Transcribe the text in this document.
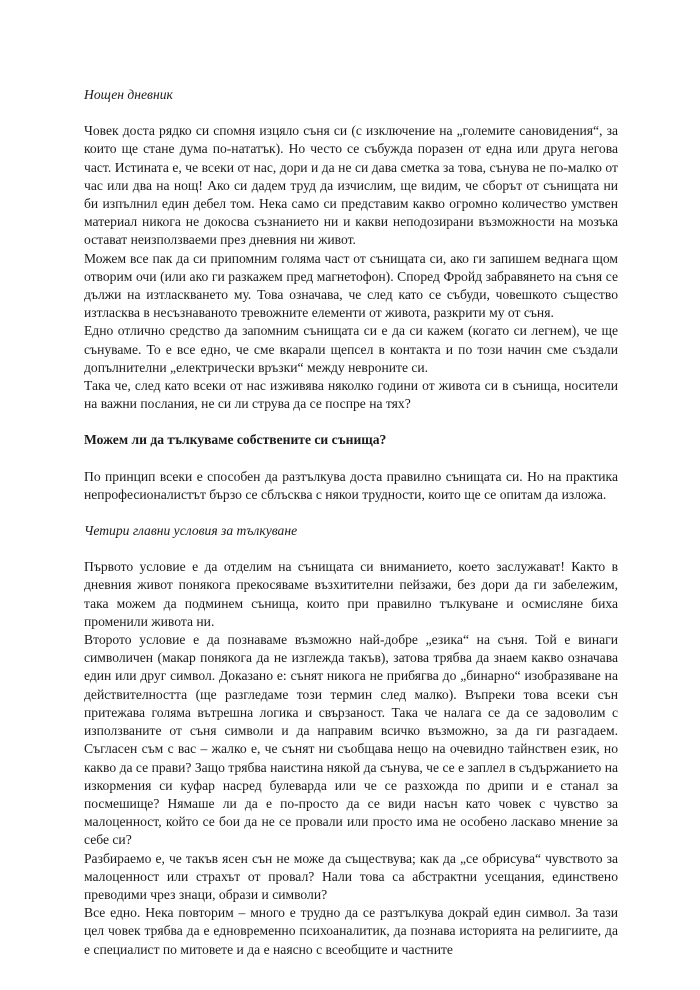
Нощен дневник

Човек доста рядко си спомня изцяло съня си (с изключение на „големите сановидения“, за които ще стане дума по-нататък). Но често се събужда поразен от една или друга негова част. Истината е, че всеки от нас, дори и да не си дава сметка за това, сънува не по-малко от час или два на нощ! Ако си дадем труд да изчислим, ще видим, че сборът от сънищата ни би изпълнил един дебел том. Нека само си представим какво огромно количество умствен материал никога не докосва съзнанието ни и какви неподозирани възможности на мозъка остават неизползваеми през дневния ни живот.

Можем все пак да си припомним голяма част от сънищата си, ако ги запишем веднага щом отворим очи (или ако ги разкажем пред магнетофон). Според Фройд забравянето на съня се дължи на изтласкването му. Това означава, че след като се събуди, човешкото същество изтласква в несъзнаваното тревожните елементи от живота, разкрити му от съня.

Едно отлично средство да запомним сънищата си е да си кажем (когато си легнем), че ще сънуваме. То е все едно, че сме вкарали щепсел в контакта и по този начин сме създали допълнителни „електрически връзки“ между невроните си.

Така че, след като всеки от нас изживява няколко години от живота си в сънища, носители на важни послания, не си ли струва да се поспре на тях?

Можем ли да тълкуваме собствените си сънища?

По принцип всеки е способен да разтълкува доста правилно сънищата си. Но на практика непрофесионалистът бързо се сблъсква с някои трудности, които ще се опитам да изложа.

Четири главни условия за тълкуване

Първото условие е да отделим на сънищата си вниманието, което заслужават! Както в дневния живот понякога прекосяваме възхитителни пейзажи, без дори да ги забележим, така можем да подминем сънища, които при правилно тълкуване и осмисляне биха променили живота ни.

Второто условие е да познаваме възможно най-добре „езика“ на съня. Той е винаги символичен (макар понякога да не изглежда такъв), затова трябва да знаем какво означава един или друг символ. Доказано е: сънят никога не прибягва до „бинарно“ изобразяване на действителността (ще разгледаме този термин след малко). Въпреки това всеки сън притежава голяма вътрешна логика и свързаност. Така че налага се да се задоволим с използваните от съня символи и да направим всичко възможно, за да ги разгадаем. Съгласен съм с вас – жалко е, че сънят ни съобщава нещо на очевидно тайнствен език, но какво да се прави? Защо трябва наистина някой да сънува, че се е заплел в съдържанието на изкормения си куфар насред булеварда или че се разхожда по дрипи и е станал за посмешище? Нямаше ли да е по-просто да се види насън като човек с чувство за малоценност, който се бои да не се провали или просто има не особено ласкаво мнение за себе си?

Разбираемо е, че такъв ясен сън не може да съществува; как да „се обрисува“ чувството за малоценност или страхът от провал? Нали това са абстрактни усещания, единствено преводими чрез знаци, образи и символи?

Все едно. Нека повторим – много е трудно да се разтълкува докрай един символ. За тази цел човек трябва да е едновременно психоаналитик, да познава историята на религиите, да е специалист по митовете и да е наясно с всеобщите и частните
